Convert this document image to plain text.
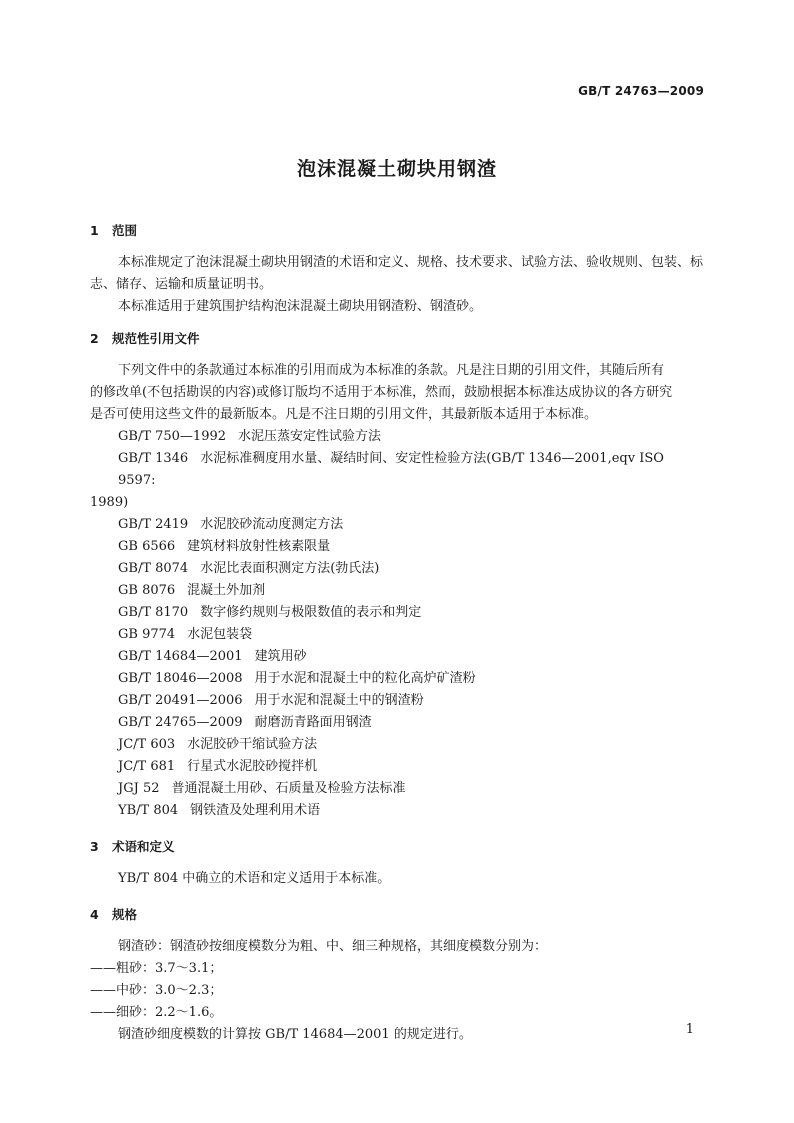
GB/T 24763—2009
泡沫混凝土砌块用钢渣
1 范围

本标准规定了泡沫混凝土砌块用钢渣的术语和定义、规格、技术要求、试验方法、验收规则、包装、标

志、储存、运输和质量证明书。

本标准适用于建筑围护结构泡沫混凝土砌块用钢渣粉、钢渣砂。

2 规范性引用文件

下列文件中的条款通过本标准的引用而成为本标准的条款。凡是注日期的引用文件，其随后所有

的修改单(不包括勘误的内容)或修订版均不适用于本标准，然而，鼓励根据本标准达成协议的各方研究

是否可使用这些文件的最新版本。凡是不注日期的引用文件，其最新版本适用于本标准。

GB/T 750—1992 水泥压蒸安定性试验方法

GB/T 1346 水泥标准稠度用水量、凝结时间、安定性检验方法(GB/T 1346—2001,eqv ISO 9597:

1989)

GB/T 2419 水泥胶砂流动度测定方法

GB 6566 建筑材料放射性核素限量

GB/T 8074 水泥比表面积测定方法(勃氏法)

GB 8076 混凝土外加剂

GB/T 8170 数字修约规则与极限数值的表示和判定

GB 9774 水泥包装袋

GB/T 14684—2001 建筑用砂

GB/T 18046—2008 用于水泥和混凝土中的粒化高炉矿渣粉

GB/T 20491—2006 用于水泥和混凝土中的钢渣粉

GB/T 24765—2009 耐磨沥青路面用钢渣

JC/T 603 水泥胶砂干缩试验方法

JC/T 681 行星式水泥胶砂搅拌机

JGJ 52 普通混凝土用砂、石质量及检验方法标准

YB/T 804 钢铁渣及处理利用术语

3 术语和定义

YB/T 804 中确立的术语和定义适用于本标准。

4 规格

钢渣砂：钢渣砂按细度模数分为粗、中、细三种规格，其细度模数分别为：

——粗砂：3.7～3.1；

——中砂：3.0～2.3；

——细砂：2.2～1.6。

钢渣砂细度模数的计算按 GB/T 14684—2001 的规定进行。	1
